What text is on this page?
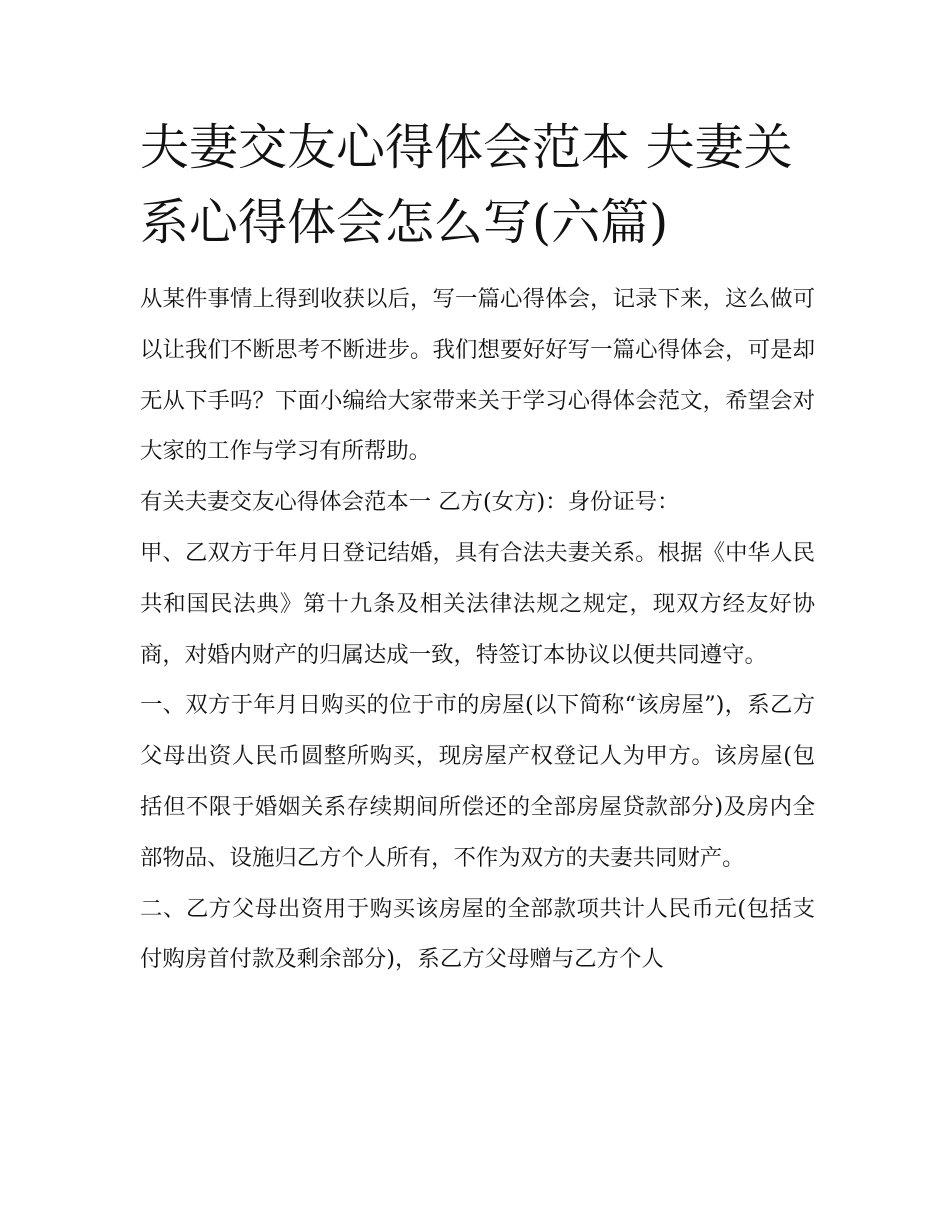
夫妻交友心得体会范本 夫妻关系心得体会怎么写(六篇)

从某件事情上得到收获以后，写一篇心得体会，记录下来，这么做可以让我们不断思考不断进步。我们想要好好写一篇心得体会，可是却无从下手吗？下面小编给大家带来关于学习心得体会范文，希望会对大家的工作与学习有所帮助。

有关夫妻交友心得体会范本一 乙方(女方)：身份证号：

甲、乙双方于年月日登记结婚，具有合法夫妻关系。根据《中华人民共和国民法典》第十九条及相关法律法规之规定，现双方经友好协商，对婚内财产的归属达成一致，特签订本协议以便共同遵守。

一、双方于年月日购买的位于市的房屋(以下简称“该房屋”)，系乙方父母出资人民币圆整所购买，现房屋产权登记人为甲方。该房屋(包括但不限于婚姻关系存续期间所偿还的全部房屋贷款部分)及房内全部物品、设施归乙方个人所有，不作为双方的夫妻共同财产。

二、乙方父母出资用于购买该房屋的全部款项共计人民币元(包括支付购房首付款及剩余部分)，系乙方父母赠与乙方个人
